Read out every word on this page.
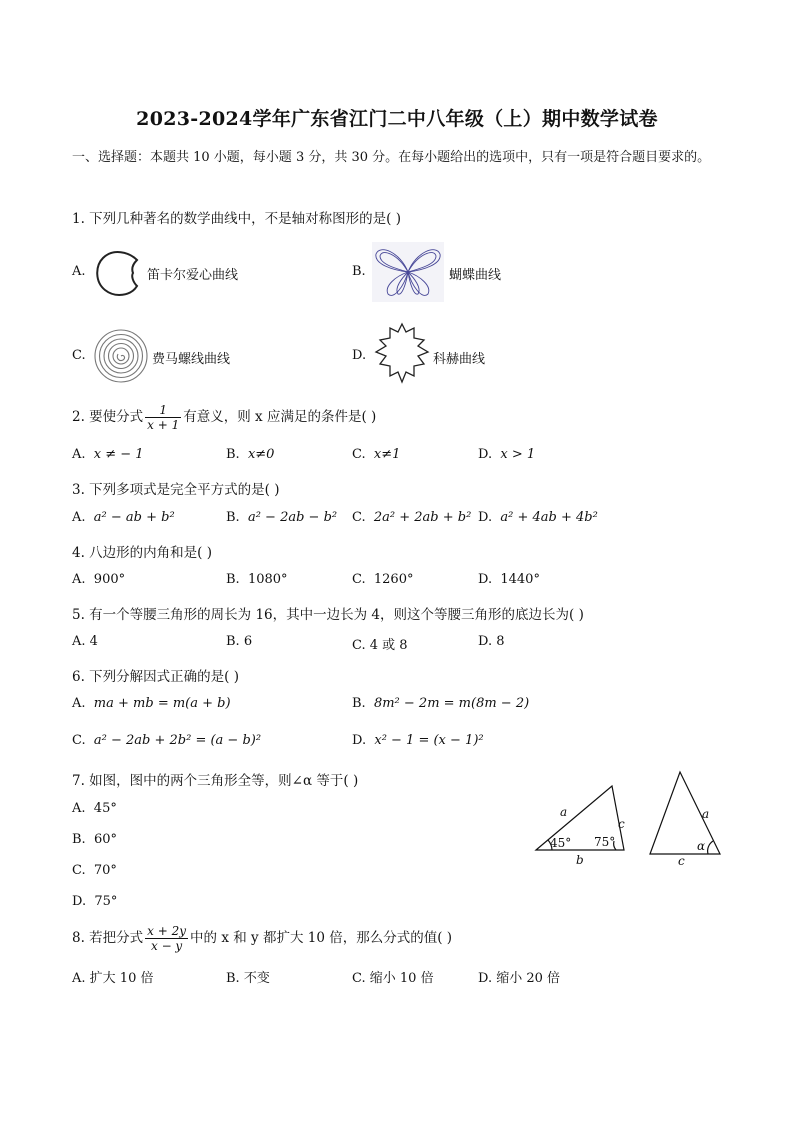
2023-2024学年广东省江门二中八年级（上）期中数学试卷
一、选择题：本题共 10 小题，每小题 3 分，共 30 分。在每小题给出的选项中，只有一项是符合题目要求的。
1. 下列几种著名的数学曲线中，不是轴对称图形的是( )
A.	笛卡尔爱心曲线	B.	蝴蝶曲线
C.	费马螺线曲线	D.	科赫曲线
2. 要使分式 $\frac{1}{x + 1}$ 有意义，则 x 应满足的条件是( )
A. x ≠ − 1	B. x≠0	C. x≠1	D. x > 1
3. 下列多项式是完全平方式的是( )
A. a² − ab + b²	B. a² − 2ab − b² C. 2a² + 2ab + b² D. a² + 4ab + 4b²
4. 八边形的内角和是( )
A. 900°	B. 1080°	C. 1260°	D. 1440°
5. 有一个等腰三角形的周长为 16，其中一边长为 4，则这个等腰三角形的底边长为( )
A. 4	B. 6	C. 4 或 8	D. 8
6. 下列分解因式正确的是( )
A. ma + mb = m(a + b)	B. 8m² − 2m = m(8m − 2)
C. a² − 2ab + 2b² = (a − b)²	D. x² − 1 = (x − 1)²
7. 如图，图中的两个三角形全等，则∠α 等于( )
A. 45°
B. 60°
C. 70°
D. 75°
a
c
b
45° 75°
a
c
α
8. 若把分式 $\frac{x + 2y}{x - y}$ 中的 x 和 y 都扩大 10 倍，那么分式的值( )
A. 扩大 10 倍	B. 不变	C. 缩小 10 倍	D. 缩小 20 倍
